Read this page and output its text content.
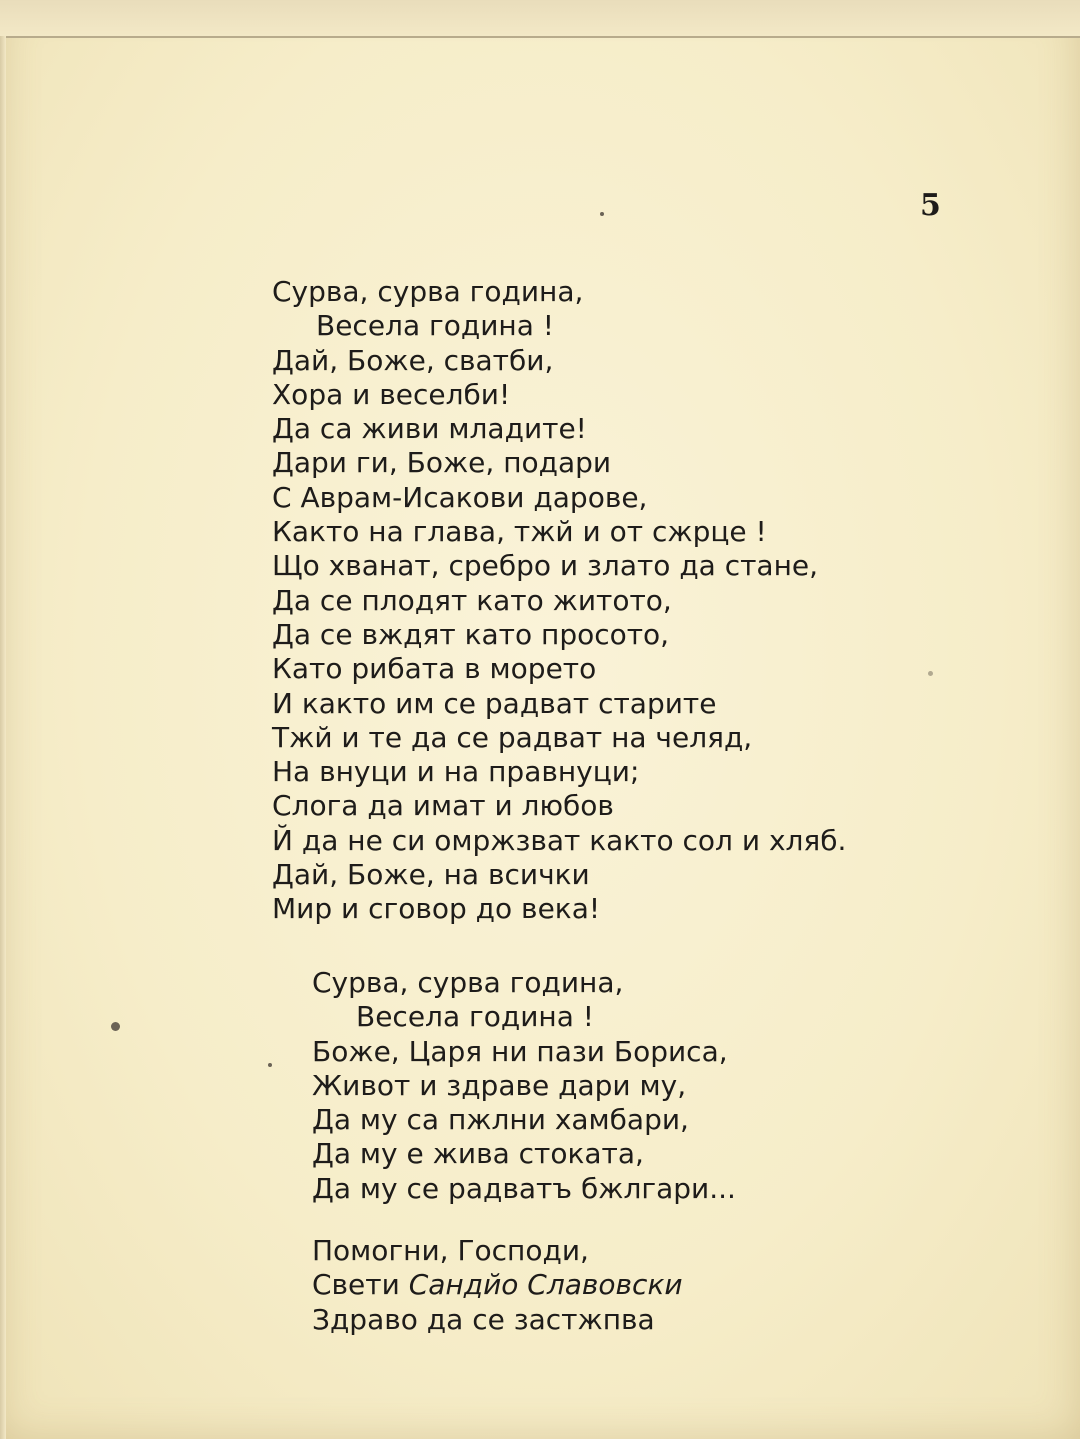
5
Сурва, сурва година,
Весела година !
Дай, Боже, сватби,
Хора и веселби!
Да са живи младите!
Дари ги, Боже, подари
С Аврам-Исакови дарове,
Както на глава, тжй и от сжрце !
Що хванат, сребро и злато да стане,
Да се плодят като житото,
Да се вждят като просото,
Като рибата в морето
И както им се радват старите
Тжй и те да се радват на челяд,
На внуци и на правнуци;
Слога да имат и любов
Й да не си омржзват както сол и хляб.
Дай, Боже, на всички
Мир и сговор до века!
Сурва, сурва година,
Весела година !
Боже, Царя ни пази Бориса,
Живот и здраве дари му,
Да му са пжлни хамбари,
Да му е жива стоката,
Да му се радватъ бжлгари...
Помогни, Господи,
Свети Сандйо Славовски
Здраво да се застжпва
